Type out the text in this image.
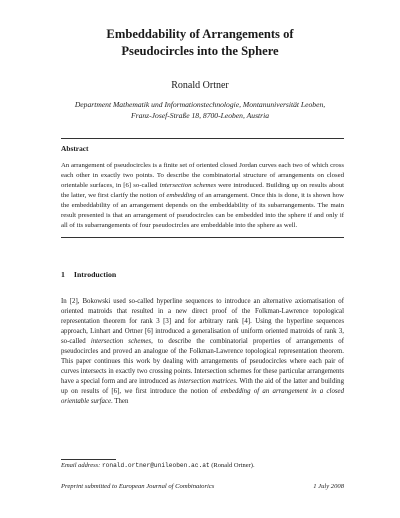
Embeddability of Arrangements of
Pseudocircles into the Sphere

Ronald Ortner

Department Mathematik und Informationstechnologie, Montanuniversität Leoben,
Franz-Josef-Straße 18, 8700-Leoben, Austria

Abstract

An arrangement of pseudocircles is a finite set of oriented closed Jordan curves each two of which cross each other in exactly two points. To describe the combinatorial structure of arrangements on closed orientable surfaces, in [6] so-called intersection schemes were introduced. Building up on results about the latter, we first clarify the notion of embedding of an arrangement. Once this is done, it is shown how the embeddability of an arrangement depends on the embeddability of its subarrangements. The main result presented is that an arrangement of pseudocircles can be embedded into the sphere if and only if all of its subarrangements of four pseudocircles are embeddable into the sphere as well.

1 Introduction

In [2], Bokowski used so-called hyperline sequences to introduce an alternative axiomatisation of oriented matroids that resulted in a new direct proof of the Folkman-Lawrence topological representation theorem for rank 3 [3] and for arbitrary rank [4]. Using the hyperline sequences approach, Linhart and Ortner [6] introduced a generalisation of uniform oriented matroids of rank 3, so-called intersection schemes, to describe the combinatorial properties of arrangements of pseudocircles and proved an analogue of the Folkman-Lawrence topological representation theorem. This paper continues this work by dealing with arrangements of pseudocircles where each pair of curves intersects in exactly two crossing points. Intersection schemes for these particular arrangements have a special form and are introduced as intersection matrices. With the aid of the latter and building up on results of [6], we first introduce the notion of embedding of an arrangement in a closed orientable surface. Then

Email address: ronald.ortner@unileoben.ac.at (Ronald Ortner).

Preprint submitted to European Journal of Combinatorics	1 July 2008
